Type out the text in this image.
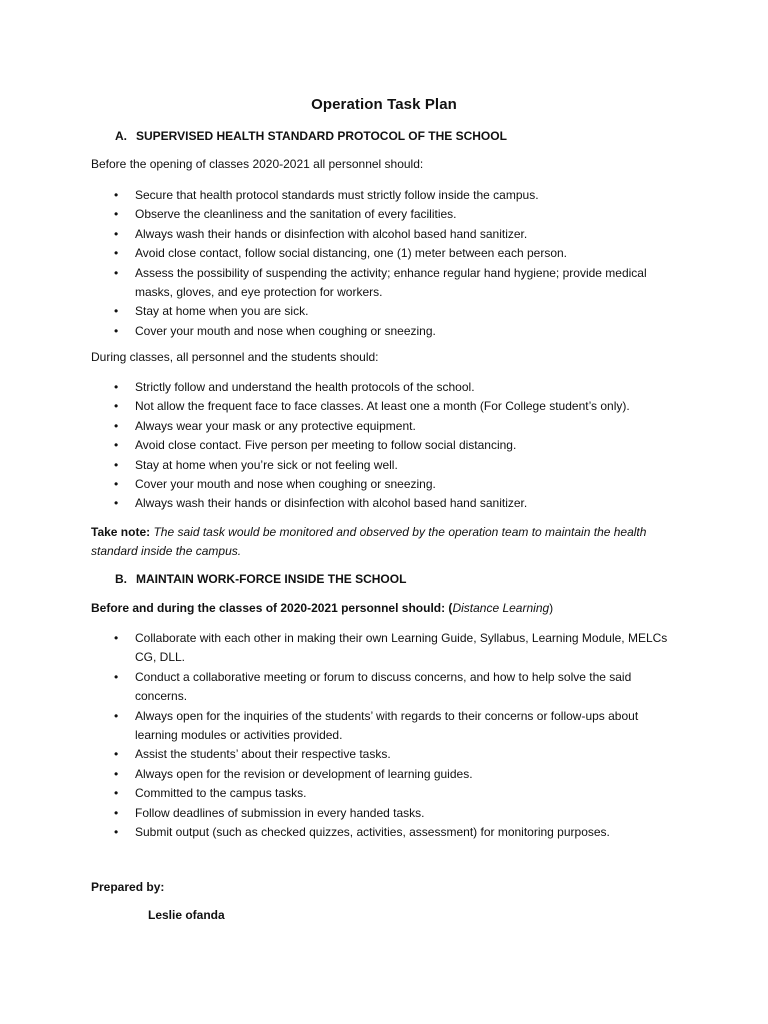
Operation Task Plan
A. SUPERVISED HEALTH STANDARD PROTOCOL OF THE SCHOOL
Before the opening of classes 2020-2021 all personnel should:
• Secure that health protocol standards must strictly follow inside the campus.
• Observe the cleanliness and the sanitation of every facilities.
• Always wash their hands or disinfection with alcohol based hand sanitizer.
• Avoid close contact, follow social distancing, one (1) meter between each person.
• Assess the possibility of suspending the activity; enhance regular hand hygiene; provide medical masks, gloves, and eye protection for workers.
• Stay at home when you are sick.
• Cover your mouth and nose when coughing or sneezing.
During classes, all personnel and the students should:
• Strictly follow and understand the health protocols of the school.
• Not allow the frequent face to face classes. At least one a month (For College student’s only).
• Always wear your mask or any protective equipment.
• Avoid close contact. Five person per meeting to follow social distancing.
• Stay at home when you’re sick or not feeling well.
• Cover your mouth and nose when coughing or sneezing.
• Always wash their hands or disinfection with alcohol based hand sanitizer.
Take note: The said task would be monitored and observed by the operation team to maintain the health standard inside the campus.
B. MAINTAIN WORK-FORCE INSIDE THE SCHOOL
Before and during the classes of 2020-2021 personnel should: (Distance Learning)
• Collaborate with each other in making their own Learning Guide, Syllabus, Learning Module, MELCs CG, DLL.
• Conduct a collaborative meeting or forum to discuss concerns, and how to help solve the said concerns.
• Always open for the inquiries of the students’ with regards to their concerns or follow-ups about learning modules or activities provided.
• Assist the students’ about their respective tasks.
• Always open for the revision or development of learning guides.
• Committed to the campus tasks.
• Follow deadlines of submission in every handed tasks.
• Submit output (such as checked quizzes, activities, assessment) for monitoring purposes.
Prepared by:
Leslie ofanda
